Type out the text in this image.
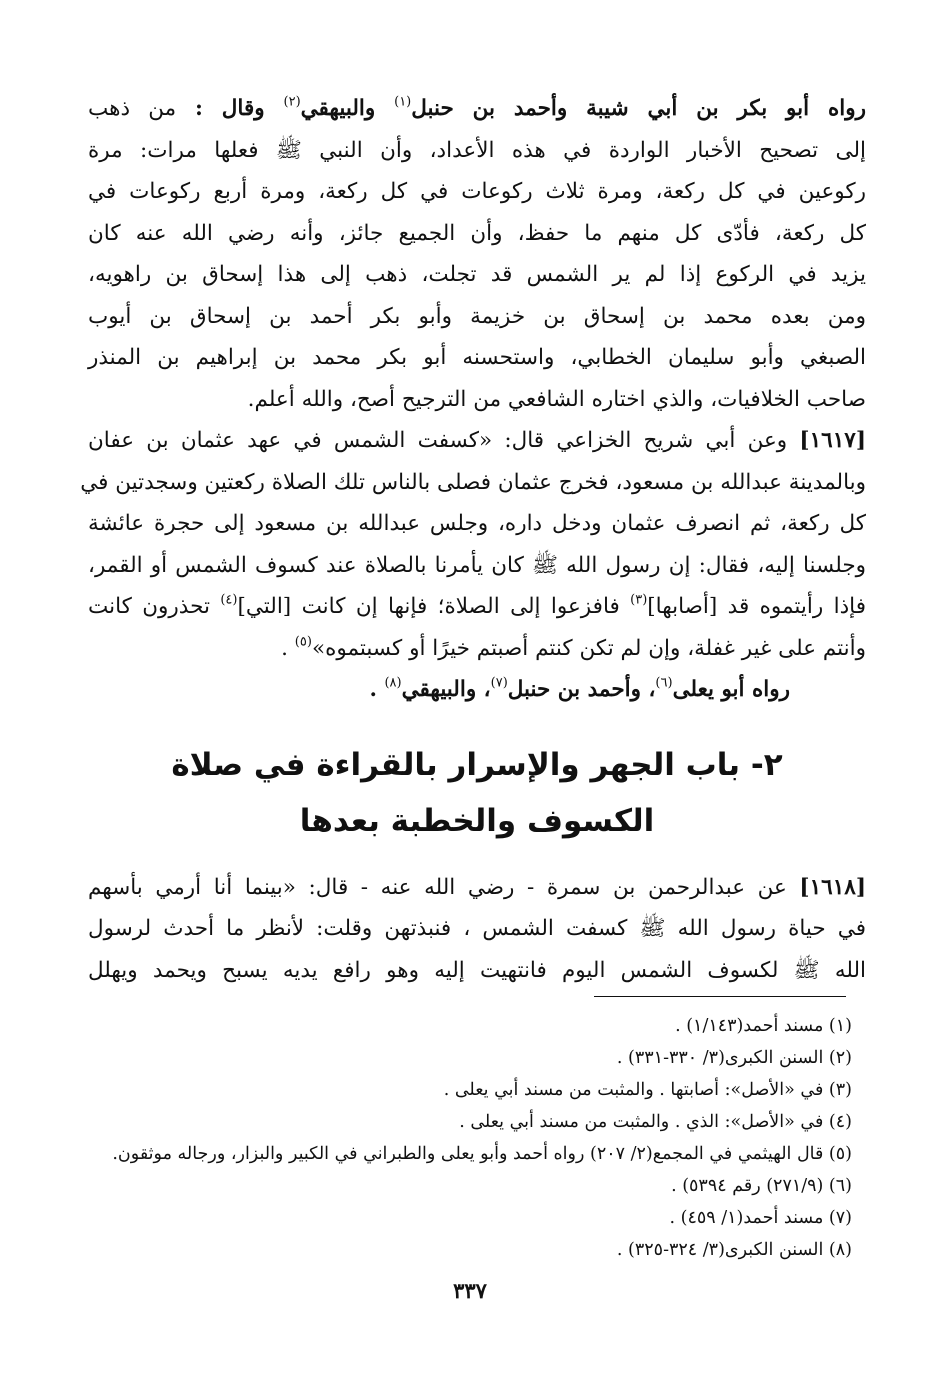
رواه أبو بكر بن أبي شيبة وأحمد بن حنبل$^{(١)}$ والبيهقي$^{(٢)}$ وقال : من ذهب
إلى تصحيح الأخبار الواردة في هذه الأعداد، وأن النبي ﷺ فعلها مرات: مرة
ركوعين في كل ركعة، ومرة ثلاث ركوعات في كل ركعة، ومرة أربع ركوعات في
كل ركعة، فأدّى كل منهم ما حفظ، وأن الجميع جائز، وأنه رضي الله عنه كان
يزيد في الركوع إذا لم ير الشمس قد تجلت، ذهب إلى هذا إسحاق بن راهويه،
ومن بعده محمد بن إسحاق بن خزيمة وأبو بكر أحمد بن إسحاق بن أيوب
الصبغي وأبو سليمان الخطابي، واستحسنه أبو بكر محمد بن إبراهيم بن المنذر
صاحب الخلافيات، والذي اختاره الشافعي من الترجيح أصح، والله أعلم.

[١٦١٧] وعن أبي شريح الخزاعي قال: «كسفت الشمس في عهد عثمان بن عفان
وبالمدينة عبدالله بن مسعود، فخرج عثمان فصلى بالناس تلك الصلاة ركعتين وسجدتين في
كل ركعة، ثم انصرف عثمان ودخل داره، وجلس عبدالله بن مسعود إلى حجرة عائشة
وجلسنا إليه، فقال: إن رسول الله ﷺ كان يأمرنا بالصلاة عند كسوف الشمس أو القمر،
فإذا رأيتموه قد [أصابها]$^{(٣)}$ فافزعوا إلى الصلاة؛ فإنها إن كانت [التي]$^{(٤)}$ تحذرون كانت
وأنتم على غير غفلة، وإن لم تكن كنتم أصبتم خيرًا أو كسبتموه»$^{(٥)}$ .

رواه أبو يعلى$^{(٦)}$، وأحمد بن حنبل$^{(٧)}$، والبيهقي$^{(٨)}$ .

٢- باب الجهر والإسرار بالقراءة في صلاة
الكسوف والخطبة بعدها

[١٦١٨] عن عبدالرحمن بن سمرة - رضي الله عنه - قال: «بينما أنا أرمي بأسهم
في حياة رسول الله ﷺ كسفت الشمس ، فنبذتهن وقلت: لأنظر ما أحدث لرسول
الله ﷺ لكسوف الشمس اليوم فانتهيت إليه وهو رافع يديه يسبح ويحمد ويهلل

(١) مسند أحمد(١/١٤٣) .
(٢) السنن الكبرى(٣/ ٣٣٠-٣٣١) .
(٣) في «الأصل»: أصابتها . والمثبت من مسند أبي يعلى .
(٤) في «الأصل»: الذي . والمثبت من مسند أبي يعلى .
(٥) قال الهيثمي في المجمع(٢/ ٢٠٧) رواه أحمد وأبو يعلى والطبراني في الكبير والبزار، ورجاله موثقون.
(٦) (٢٧١/٩) رقم ٥٣٩٤) .
(٧) مسند أحمد(١/ ٤٥٩) .
(٨) السنن الكبرى(٣/ ٣٢٤-٣٢٥) .
٣٣٧
